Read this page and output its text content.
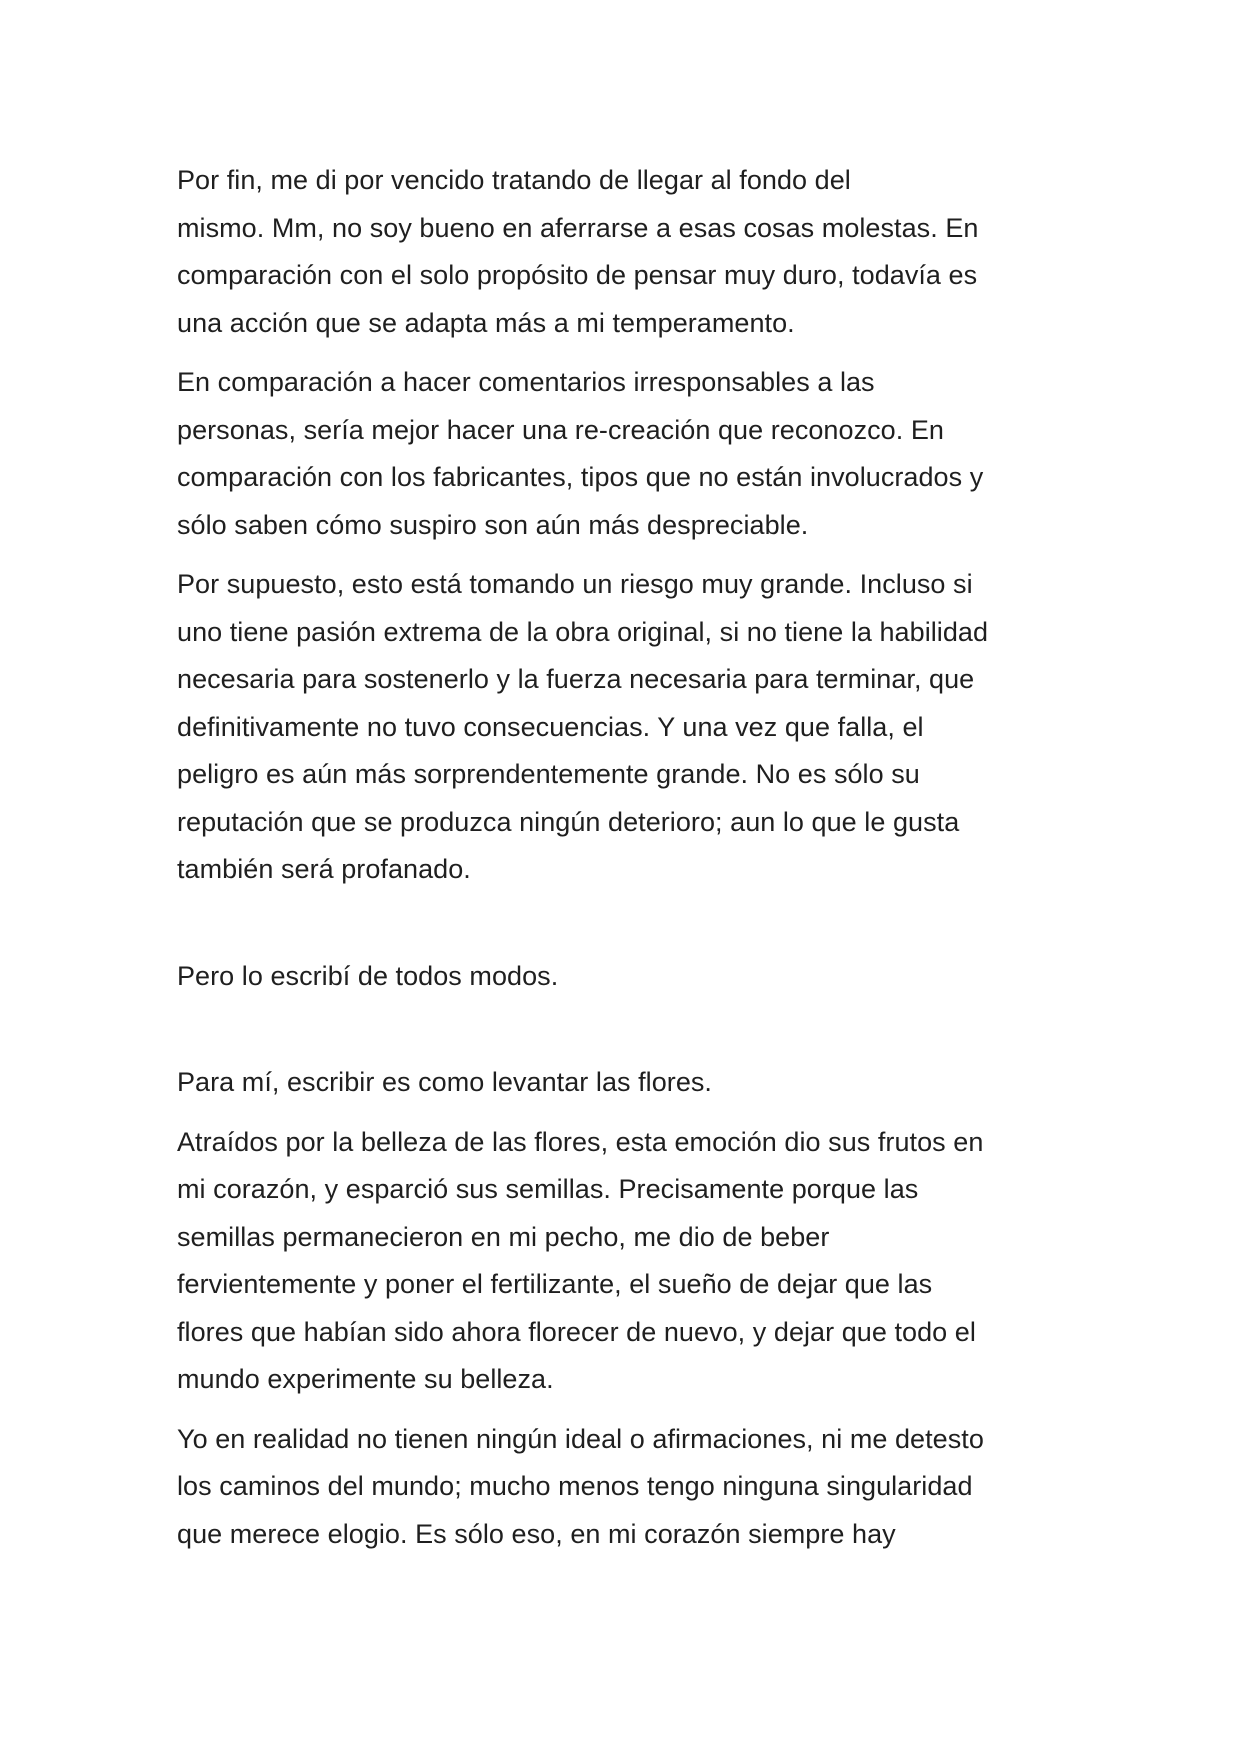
Por fin, me di por vencido tratando de llegar al fondo del
mismo. Mm, no soy bueno en aferrarse a esas cosas molestas. En
comparación con el solo propósito de pensar muy duro, todavía es
una acción que se adapta más a mi temperamento.

En comparación a hacer comentarios irresponsables a las
personas, sería mejor hacer una re-creación que reconozco. En
comparación con los fabricantes, tipos que no están involucrados y
sólo saben cómo suspiro son aún más despreciable.

Por supuesto, esto está tomando un riesgo muy grande. Incluso si
uno tiene pasión extrema de la obra original, si no tiene la habilidad
necesaria para sostenerlo y la fuerza necesaria para terminar, que
definitivamente no tuvo consecuencias. Y una vez que falla, el
peligro es aún más sorprendentemente grande. No es sólo su
reputación que se produzca ningún deterioro; aun lo que le gusta
también será profanado.

Pero lo escribí de todos modos.

Para mí, escribir es como levantar las flores.

Atraídos por la belleza de las flores, esta emoción dio sus frutos en
mi corazón, y esparció sus semillas. Precisamente porque las
semillas permanecieron en mi pecho, me dio de beber
fervientemente y poner el fertilizante, el sueño de dejar que las
flores que habían sido ahora florecer de nuevo, y dejar que todo el
mundo experimente su belleza.

Yo en realidad no tienen ningún ideal o afirmaciones, ni me detesto
los caminos del mundo; mucho menos tengo ninguna singularidad
que merece elogio. Es sólo eso, en mi corazón siempre hay
